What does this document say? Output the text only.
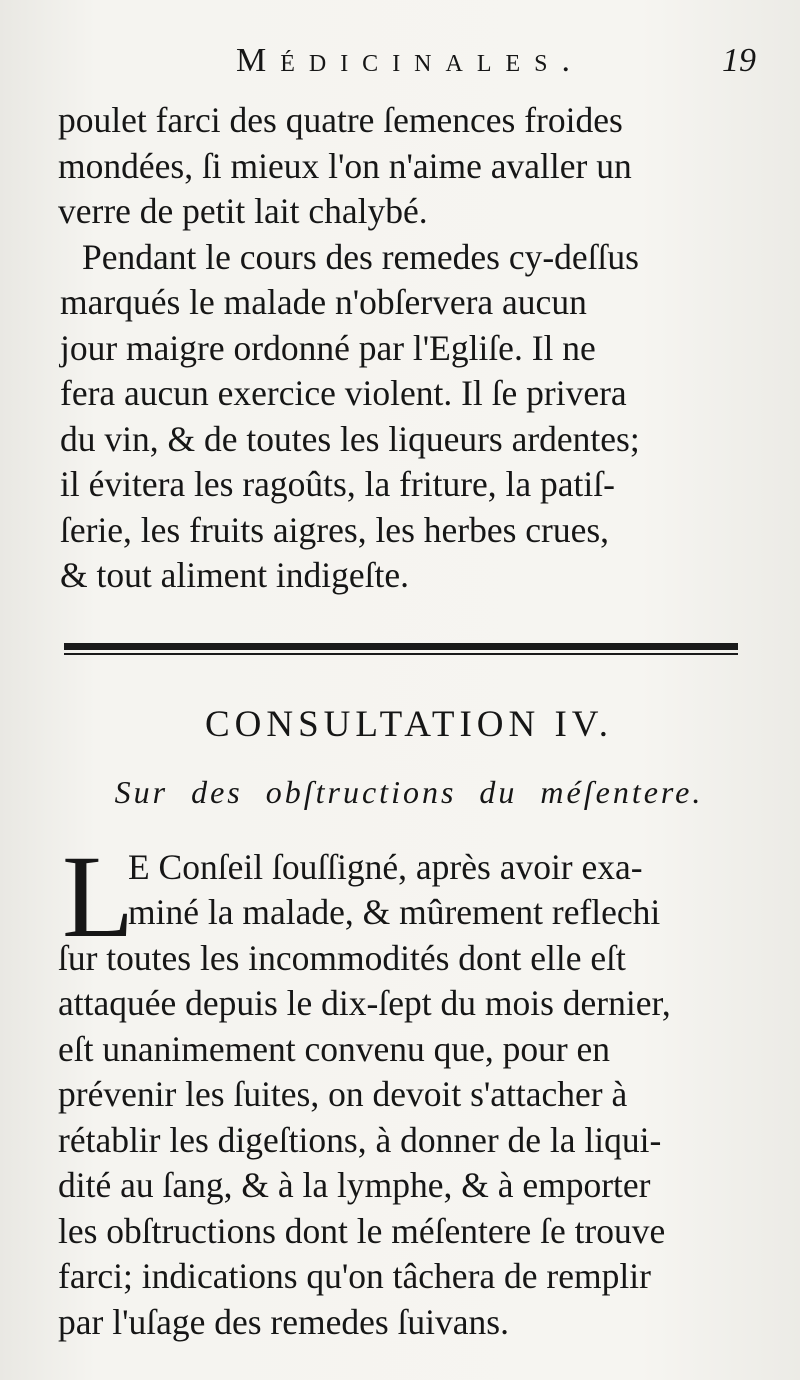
Médicinales.	19

poulet farci des quatre ſemences froides
mondées, ſi mieux l'on n'aime avaller un
verre de petit lait chalybé.

Pendant le cours des remedes cy-deſſus
marqués le malade n'obſervera aucun
jour maigre ordonné par l'Egliſe. Il ne
fera aucun exercice violent. Il ſe privera
du vin, & de toutes les liqueurs ardentes;
il évitera les ragoûts, la friture, la patiſ-
ſerie, les fruits aigres, les herbes crues,
& tout aliment indigeſte.

CONSULTATION IV.
Sur des obſtructions du méſentere.

L
E Conſeil ſouſſigné, après avoir exa-
miné la malade, & mûrement reflechi
ſur toutes les incommodités dont elle eſt
attaquée depuis le dix-ſept du mois dernier,
eſt unanimement convenu que, pour en
prévenir les ſuites, on devoit s'attacher à
rétablir les digeſtions, à donner de la liqui-
dité au ſang, & à la lymphe, & à emporter
les obſtructions dont le méſentere ſe trouve
farci; indications qu'on tâchera de remplir
par l'uſage des remedes ſuivans.
